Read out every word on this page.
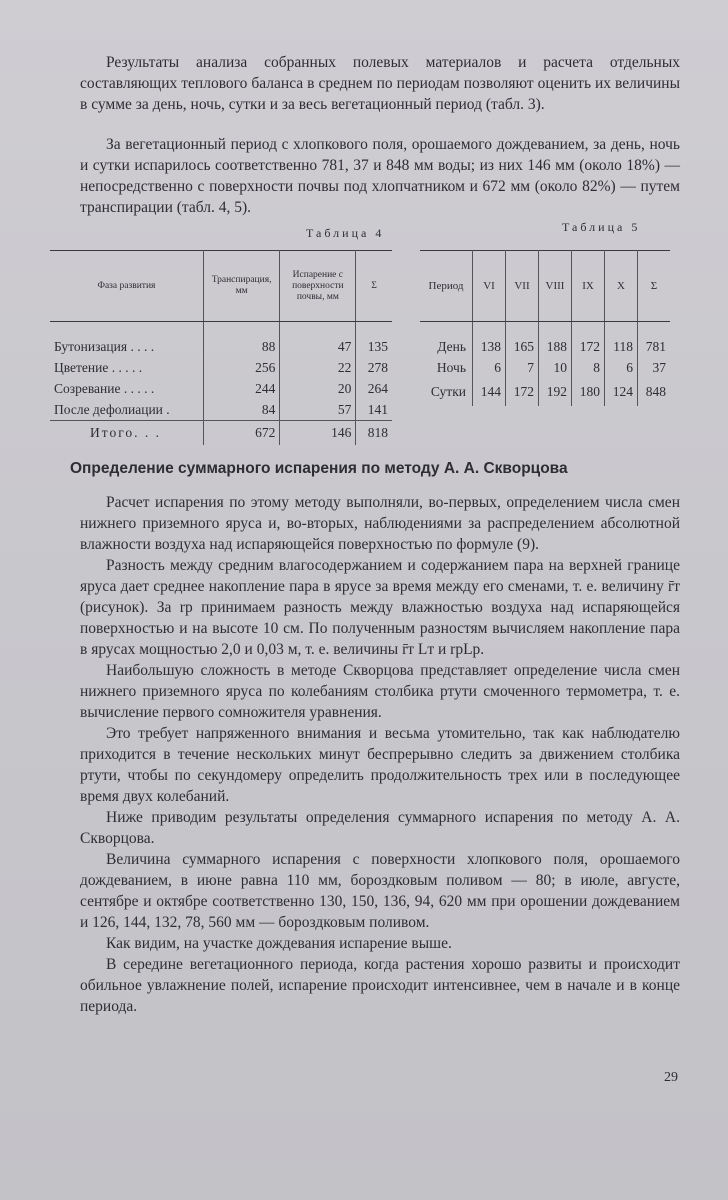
Результаты анализа собранных полевых материалов и расчета отдельных составляющих теплового баланса в среднем по периодам позволяют оценить их величины в сумме за день, ночь, сутки и за весь вегетационный период (табл. 3).

За вегетационный период с хлопкового поля, орошаемого дождеванием, за день, ночь и сутки испарилось соответственно 781, 37 и 848 мм воды; из них 146 мм (около 18%) — непосредственно с поверхности почвы под хлопчатником и 672 мм (около 82%) — путем транспирации (табл. 4, 5).

Таблица 4	Таблица 5
Фаза развития	Транспирация, мм	Испарение с поверхности почвы, мм	Σ
Бутонизация . . . .	88	47	135
Цветение . . . . .	256	22	278
Созревание . . . . .	244	20	264
После дефолиации .	84	57	141
Итого. . .	672	146	818
Период	VI	VII	VIII	IX	X	Σ
День	138	165	188	172	118	781
Ночь	6	7	10	8	6	37
Сутки	144	172	192	180	124	848
Определение суммарного испарения по методу А. А. Скворцова

Расчет испарения по этому методу выполняли, во-первых, определением числа смен нижнего приземного яруса и, во-вторых, наблюдениями за распределением абсолютной влажности воздуха над испаряющейся поверхностью по формуле (9).

Разность между средним влагосодержанием и содержанием пара на верхней границе яруса дает среднее накопление пара в ярусе за время между его сменами, т. е. величину r̄т (рисунок). За rр принимаем разность между влажностью воздуха над испаряющейся поверхностью и на высоте 10 см. По полученным разностям вычисляем накопление пара в ярусах мощностью 2,0 и 0,03 м, т. е. величины r̄т Lт и rрLр.

Наибольшую сложность в методе Скворцова представляет определение числа смен нижнего приземного яруса по колебаниям столбика ртути смоченного термометра, т. е. вычисление первого сомножителя уравнения.

Это требует напряженного внимания и весьма утомительно, так как наблюдателю приходится в течение нескольких минут беспрерывно следить за движением столбика ртути, чтобы по секундомеру определить продолжительность трех или в последующее время двух колебаний.

Ниже приводим результаты определения суммарного испарения по методу А. А. Скворцова.

Величина суммарного испарения с поверхности хлопкового поля, орошаемого дождеванием, в июне равна 110 мм, бороздковым поливом — 80; в июле, августе, сентябре и октябре соответственно 130, 150, 136, 94, 620 мм при орошении дождеванием и 126, 144, 132, 78, 560 мм — бороздковым поливом.

Как видим, на участке дождевания испарение выше.

В середине вегетационного периода, когда растения хорошо развиты и происходит обильное увлажнение полей, испарение происходит интенсивнее, чем в начале и в конце периода.

29
